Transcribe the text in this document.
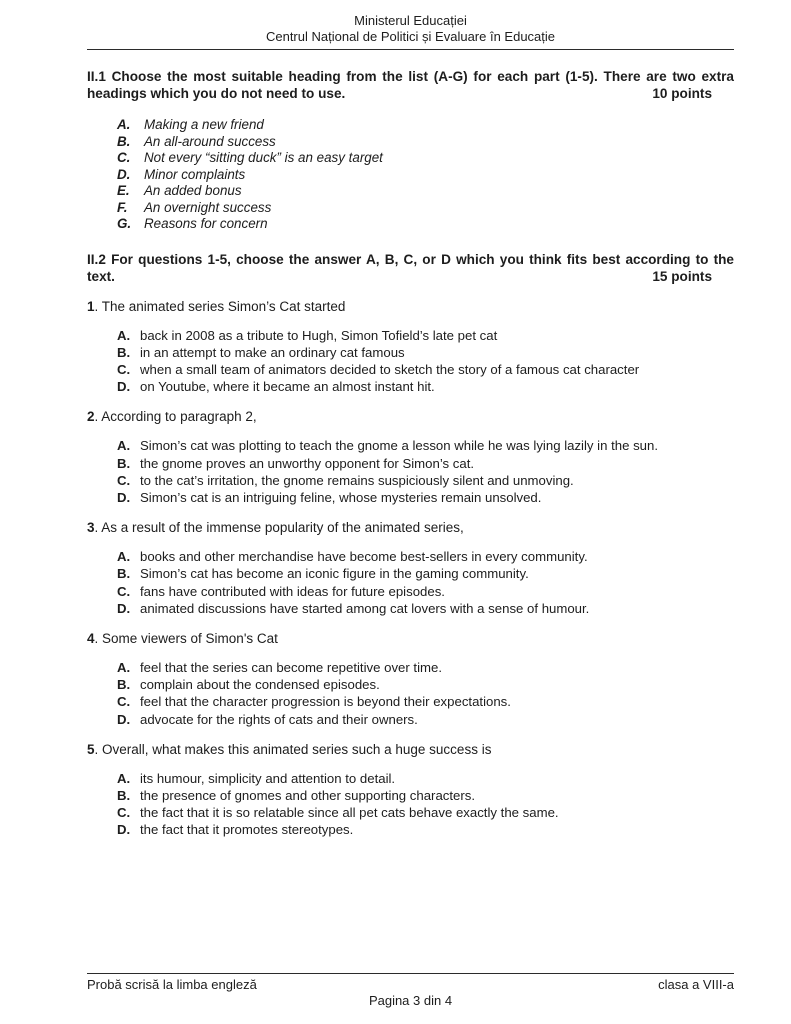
Ministerul Educației
Centrul Național de Politici și Evaluare în Educație
II.1 Choose the most suitable heading from the list (A-G) for each part (1-5). There are two extra headings which you do not need to use.	10 points
A.	Making a new friend
B.	An all-around success
C.	Not every “sitting duck” is an easy target
D.	Minor complaints
E.	An added bonus
F.	An overnight success
G. Reasons for concern
II.2 For questions 1-5, choose the answer A, B, C, or D which you think fits best according to the text.	15 points
1. The animated series Simon’s Cat started
A. back in 2008 as a tribute to Hugh, Simon Tofield’s late pet cat
B. in an attempt to make an ordinary cat famous
C. when a small team of animators decided to sketch the story of a famous cat character
D. on Youtube, where it became an almost instant hit.
2. According to paragraph 2,
A. Simon’s cat was plotting to teach the gnome a lesson while he was lying lazily in the sun.
B. the gnome proves an unworthy opponent for Simon’s cat.
C. to the cat’s irritation, the gnome remains suspiciously silent and unmoving.
D. Simon’s cat is an intriguing feline, whose mysteries remain unsolved.
3. As a result of the immense popularity of the animated series,
A. books and other merchandise have become best-sellers in every community.
B. Simon’s cat has become an iconic figure in the gaming community.
C. fans have contributed with ideas for future episodes.
D. animated discussions have started among cat lovers with a sense of humour.
4. Some viewers of Simon's Cat
A. feel that the series can become repetitive over time.
B. complain about the condensed episodes.
C. feel that the character progression is beyond their expectations.
D. advocate for the rights of cats and their owners.
5. Overall, what makes this animated series such a huge success is
A. its humour, simplicity and attention to detail.
B. the presence of gnomes and other supporting characters.
C. the fact that it is so relatable since all pet cats behave exactly the same.
D. the fact that it promotes stereotypes.
Probă scrisă la limba engleză	clasa a VIII-a
Pagina 3 din 4
